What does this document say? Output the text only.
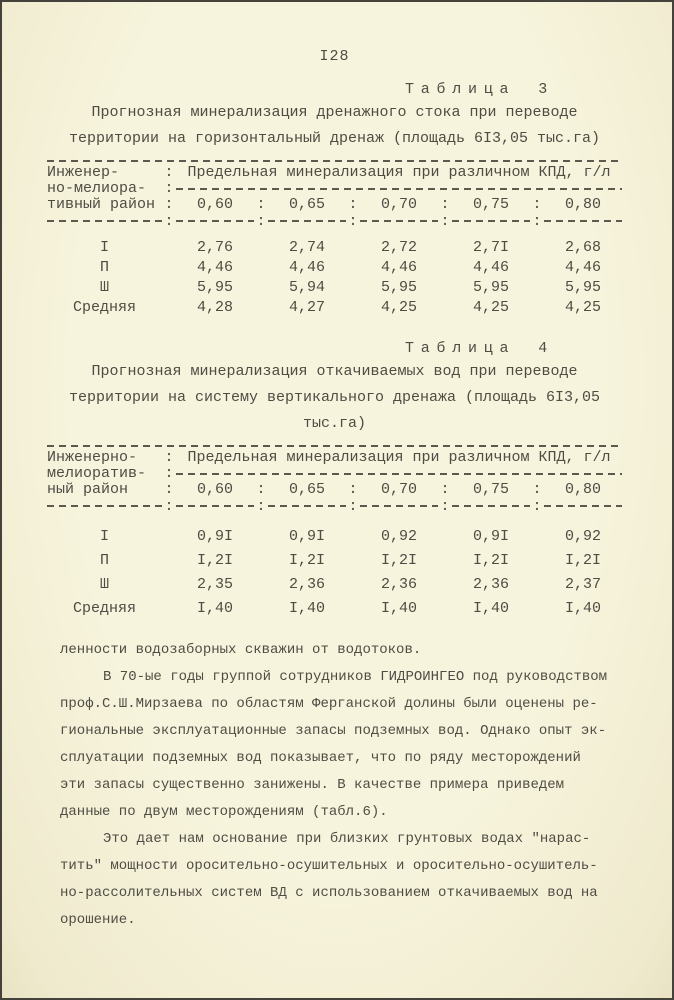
I28
Таблица 3
Прогнозная минерализация дренажного стока при переводе
территории на горизонтальный дренаж (площадь 6I3,05 тыс.га)
Инженер-	: Предельная минерализация при различном КПД, г/л
но-мелиора-	:
тивный район :	0,60	:	0,65	:	0,70	:	0,75	:	0,80
:	:	:	:	:
I	2,76	2,74	2,72	2,7I	2,68
П	4,46	4,46	4,46	4,46	4,46
Ш	5,95	5,94	5,95	5,95	5,95
Средняя	4,28	4,27	4,25	4,25	4,25
Таблица 4
Прогнозная минерализация откачиваемых вод при переводе
территории на систему вертикального дренажа (площадь 6I3,05
тыс.га)
Инженерно-	: Предельная минерализация при различном КПД, г/л
мелиоратив-	:
ный район	:	0,60	:	0,65	:	0,70	:	0,75	:	0,80
:	:	:	:	:
I	0,9I	0,9I	0,92	0,9I	0,92
П	I,2I	I,2I	I,2I	I,2I	I,2I
Ш	2,35	2,36	2,36	2,36	2,37
Средняя	I,40	I,40	I,40	I,40	I,40
ленности водозаборных скважин от водотоков.
В 70-ые годы группой сотрудников ГИДРОИНГЕО под руководством
проф.С.Ш.Мирзаева по областям Ферганской долины были оценены ре-
гиональные эксплуатационные запасы подземных вод. Однако опыт эк-
сплуатации подземных вод показывает, что по ряду месторождений
эти запасы существенно занижены. В качестве примера приведем
данные по двум месторождениям (табл.6).
Это дает нам основание при близких грунтовых водах "нарас-
тить" мощности оросительно-осушительных и оросительно-осушитель-
но-рассолительных систем ВД с использованием откачиваемых вод на
орошение.
